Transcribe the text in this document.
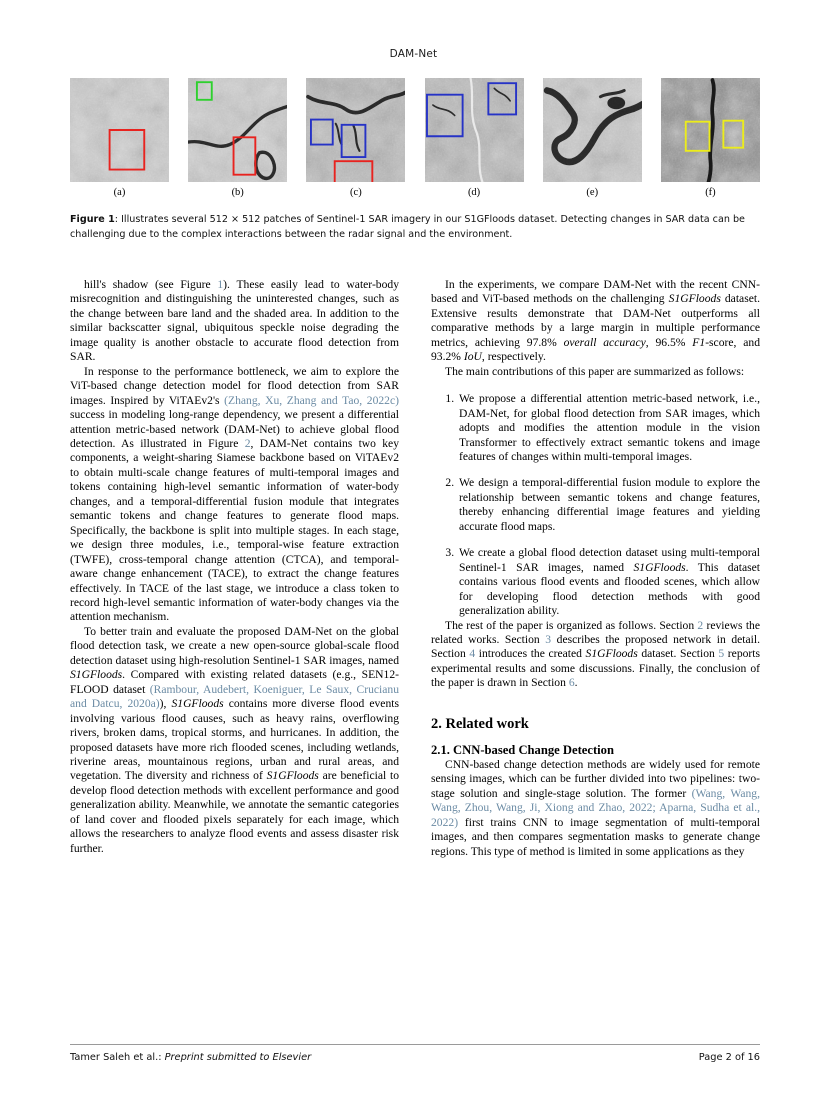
DAM-Net
(a)	(b)	(c)	(d)	(e)	(f)
Figure 1: Illustrates several 512 × 512 patches of Sentinel-1 SAR imagery in our S1GFloods dataset. Detecting changes in SAR data can be challenging due to the complex interactions between the radar signal and the environment.

hill's shadow (see Figure 1). These easily lead to water-body misrecognition and distinguishing the uninterested changes, such as the change between bare land and the shaded area. In addition to the similar backscatter signal, ubiquitous speckle noise degrading the image quality is another obstacle to accurate flood detection from SAR.

In response to the performance bottleneck, we aim to explore the ViT-based change detection model for flood detection from SAR images. Inspired by ViTAEv2's (Zhang, Xu, Zhang and Tao, 2022c) success in modeling long-range dependency, we present a differential attention metric-based network (DAM-Net) to achieve global flood detection. As illustrated in Figure 2, DAM-Net contains two key components, a weight-sharing Siamese backbone based on ViTAEv2 to obtain multi-scale change features of multi-temporal images and tokens containing high-level semantic information of water-body changes, and a temporal-differential fusion module that integrates semantic tokens and change features to generate flood maps. Specifically, the backbone is split into multiple stages. In each stage, we design three modules, i.e., temporal-wise feature extraction (TWFE), cross-temporal change attention (CTCA), and temporal-aware change enhancement (TACE), to extract the change features effectively. In TACE of the last stage, we introduce a class token to record high-level semantic information of water-body changes via the attention mechanism.

To better train and evaluate the proposed DAM-Net on the global flood detection task, we create a new open-source global-scale flood detection dataset using high-resolution Sentinel-1 SAR images, named S1GFloods. Compared with existing related datasets (e.g., SEN12-FLOOD dataset (Rambour, Audebert, Koeniguer, Le Saux, Crucianu and Datcu, 2020a)), S1GFloods contains more diverse flood events involving various flood causes, such as heavy rains, overflowing rivers, broken dams, tropical storms, and hurricanes. In addition, the proposed datasets have more rich flooded scenes, including wetlands, riverine areas, mountainous regions, urban and rural areas, and vegetation. The diversity and richness of S1GFloods are beneficial to develop flood detection methods with excellent performance and good generalization ability. Meanwhile, we annotate the semantic categories of land cover and flooded pixels separately for each image, which allows the researchers to analyze flood events and assess disaster risk further.

In the experiments, we compare DAM-Net with the recent CNN-based and ViT-based methods on the challenging S1GFloods dataset. Extensive results demonstrate that DAM-Net outperforms all comparative methods by a large margin in multiple performance metrics, achieving 97.8% overall accuracy, 96.5% F1-score, and 93.2% IoU, respectively.

The main contributions of this paper are summarized as follows:

1. We propose a differential attention metric-based network, i.e., DAM-Net, for global flood detection from SAR images, which adopts and modifies the attention module in the vision Transformer to effectively extract semantic tokens and image features of changes within multi-temporal images.
2. We design a temporal-differential fusion module to explore the relationship between semantic tokens and change features, thereby enhancing differential image features and yielding accurate flood maps.
3. We create a global flood detection dataset using multi-temporal Sentinel-1 SAR images, named S1GFloods. This dataset contains various flood events and flooded scenes, which allow for developing flood detection methods with good generalization ability.

The rest of the paper is organized as follows. Section 2 reviews the related works. Section 3 describes the proposed network in detail. Section 4 introduces the created S1GFloods dataset. Section 5 reports experimental results and some discussions. Finally, the conclusion of the paper is drawn in Section 6.

2. Related work
2.1. CNN-based Change Detection

CNN-based change detection methods are widely used for remote sensing images, which can be further divided into two pipelines: two-stage solution and single-stage solution. The former (Wang, Wang, Wang, Zhou, Wang, Ji, Xiong and Zhao, 2022; Aparna, Sudha et al., 2022) first trains CNN to image segmentation of multi-temporal images, and then compares segmentation masks to generate change regions. This type of method is limited in some applications as they

Tamer Saleh et al.: Preprint submitted to Elsevier	Page 2 of 16
